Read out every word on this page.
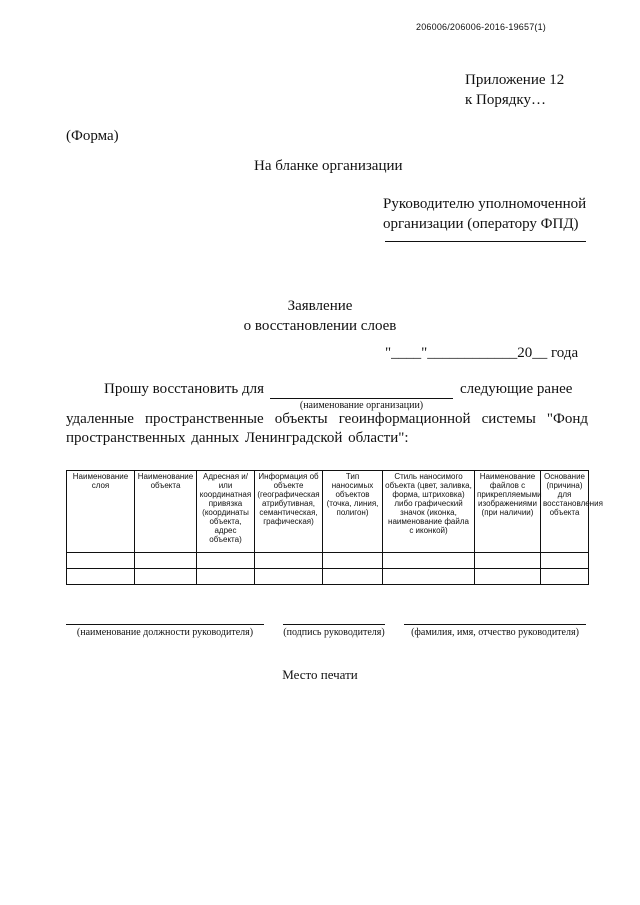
206006/206006-2016-19657(1)
Приложение 12
к Порядку…
(Форма)
На бланке организации
Руководителю уполномоченной
организации (оператору ФПД)
Заявление
о восстановлении слоев
"____"____________20__ года
Прошу восстановить для
(наименование организации)
следующие ранее
удаленные пространственные объекты геоинформационной системы "Фонд пространственных данных Ленинградской области":
Наименование слоя	Наименование объекта	Адресная и/или координатная привязка (координаты объекта, адрес объекта)	Информация об объекте (географическая атрибутивная, семантическая, графическая)	Тип наносимых объектов (точка, линия, полигон)	Стиль наносимого объекта (цвет, заливка, форма, штриховка) либо графический значок (иконка, наименование файла с иконкой)	Наименование файлов с прикрепляемыми изображениями (при наличии)	Основание (причина) для восстановления объекта

(наименование должности руководителя)	(подпись руководителя)	(фамилия, имя, отчество руководителя)
Место печати
